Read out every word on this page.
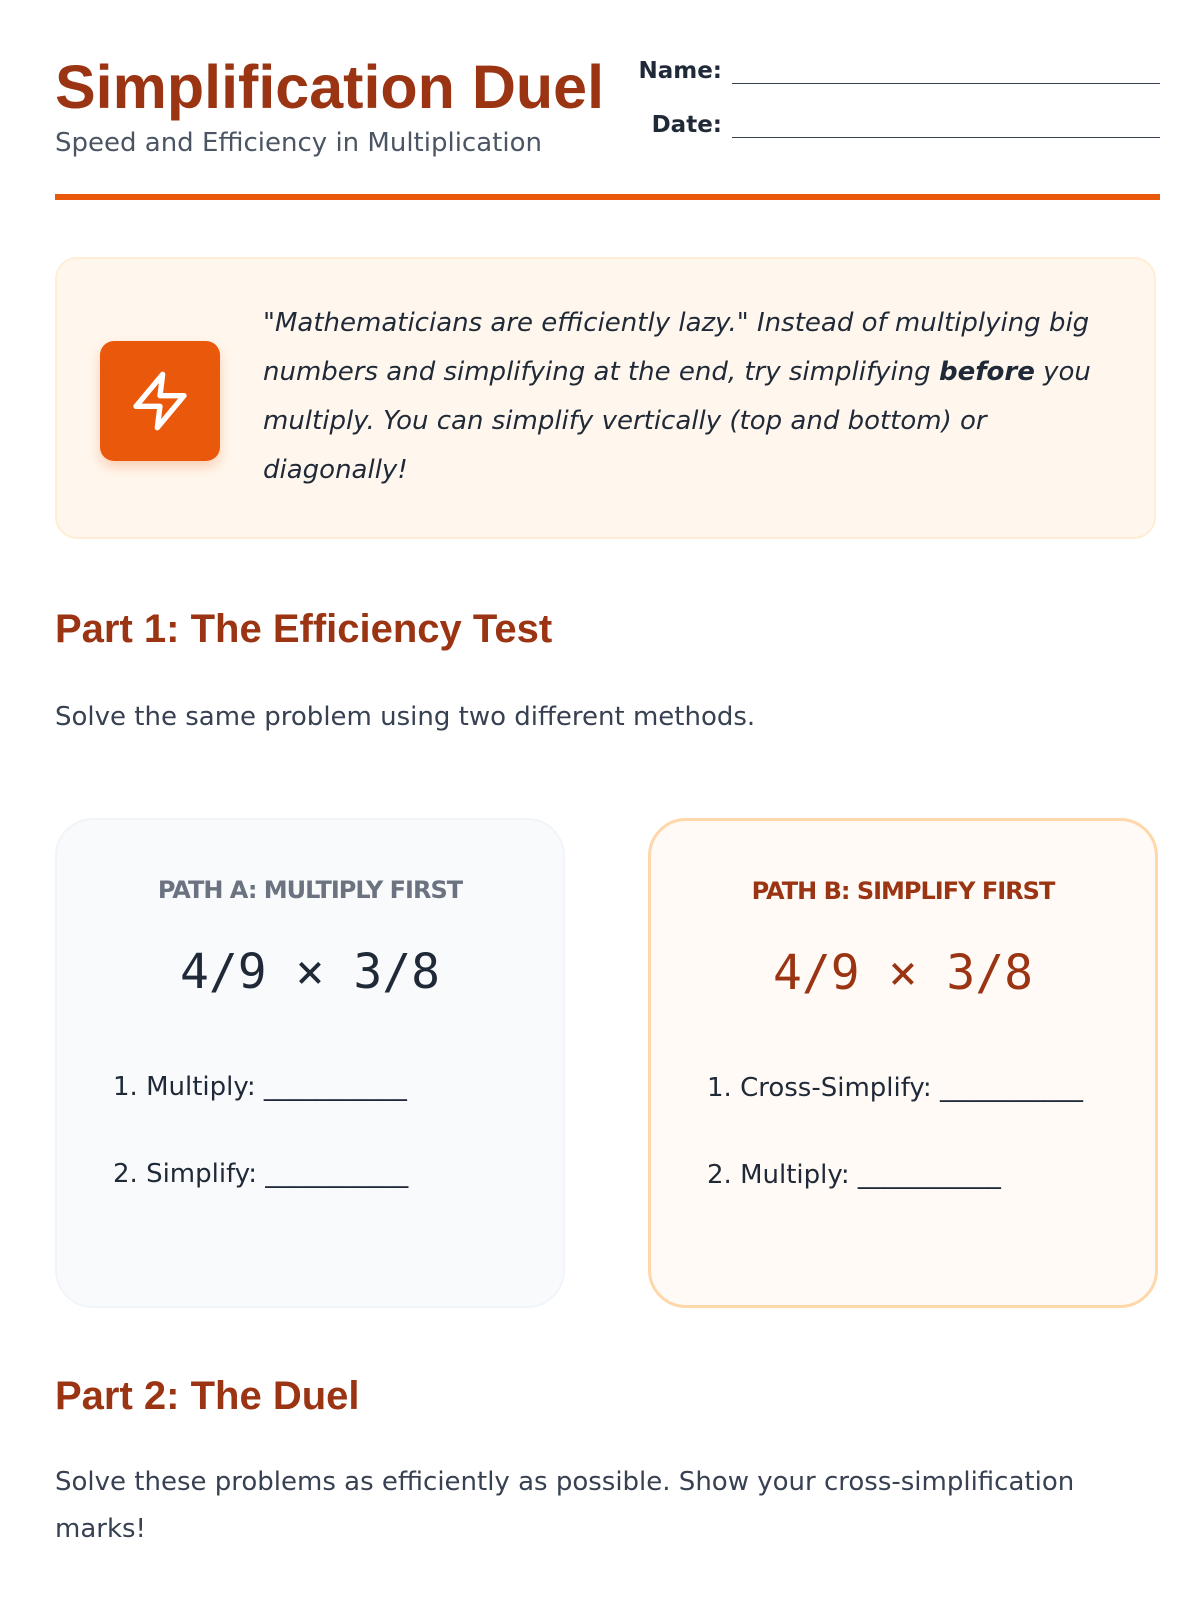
Simplification Duel
Speed and Efficiency in Multiplication
Name:
Date:
"Mathematicians are efficiently lazy." Instead of multiplying big numbers and simplifying at the end, try simplifying before you multiply. You can simplify vertically (top and bottom) or diagonally!
Part 1: The Efficiency Test
Solve the same problem using two different methods.
PATH A: MULTIPLY FIRST
4/9 × 3/8
1. Multiply: ___________
2. Simplify: ___________
PATH B: SIMPLIFY FIRST
4/9 × 3/8
1. Cross-Simplify: ___________
2. Multiply: ___________
Part 2: The Duel
Solve these problems as efficiently as possible. Show your cross-simplification marks!
